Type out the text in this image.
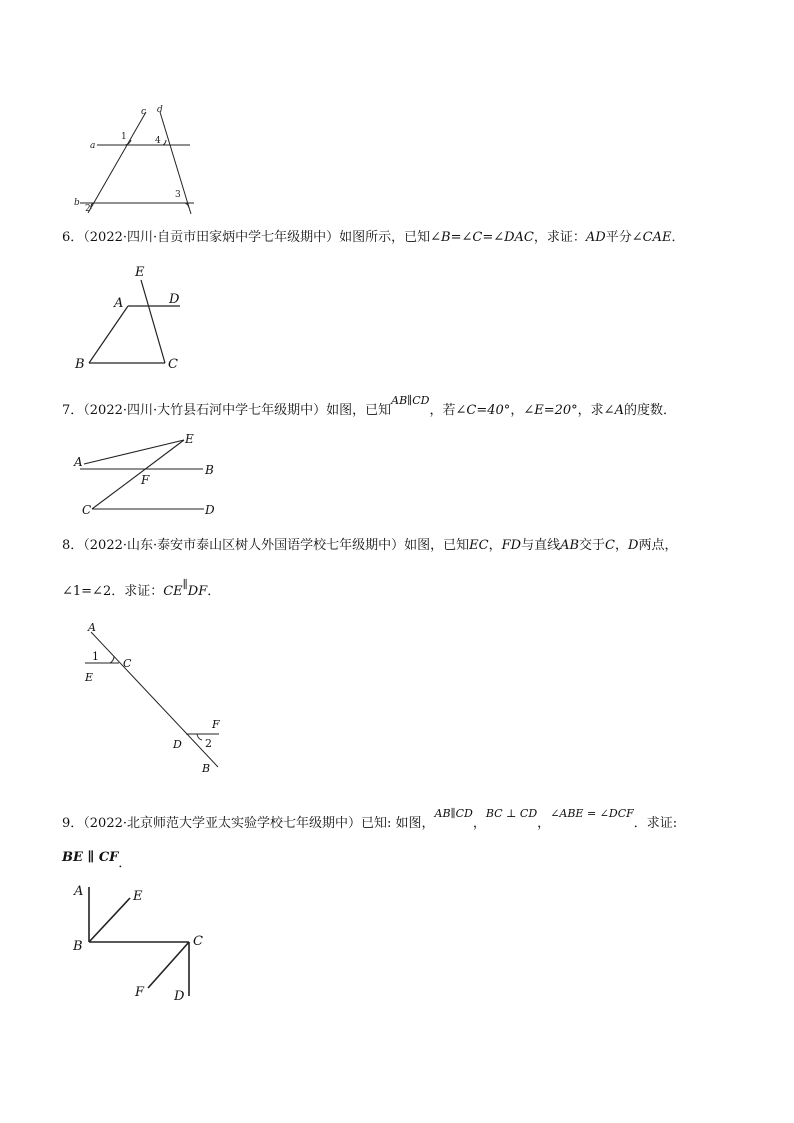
a
b
c d
1	4
3
2
6．（2022·四川·自贡市田家炳中学七年级期中）如图所示，已知∠B=∠C=∠DAC，求证：AD平分∠CAE．
E
A	D
B	C
7．（2022·四川·大竹县石河中学七年级期中）如图，已知$^{AB\parallel CD}$，若∠C=40°，∠E=20°，求∠A的度数．
A
E
B
F
C	D
8．（2022·山东·泰安市泰山区树人外国语学校七年级期中）如图，已知EC，FD与直线AB交于C，D两点，
∠1=∠2．求证：CE∥DF．
A
1
C
E
F
2
D
B
9．（2022·北京师范大学亚太实验学校七年级期中）已知: 如图，$^{AB\parallel CD}$，$^{BC \perp CD}$，$^{\angle ABE = \angle DCF}$．求证:
BE ∥ CF．
A	E
B	C
F D
